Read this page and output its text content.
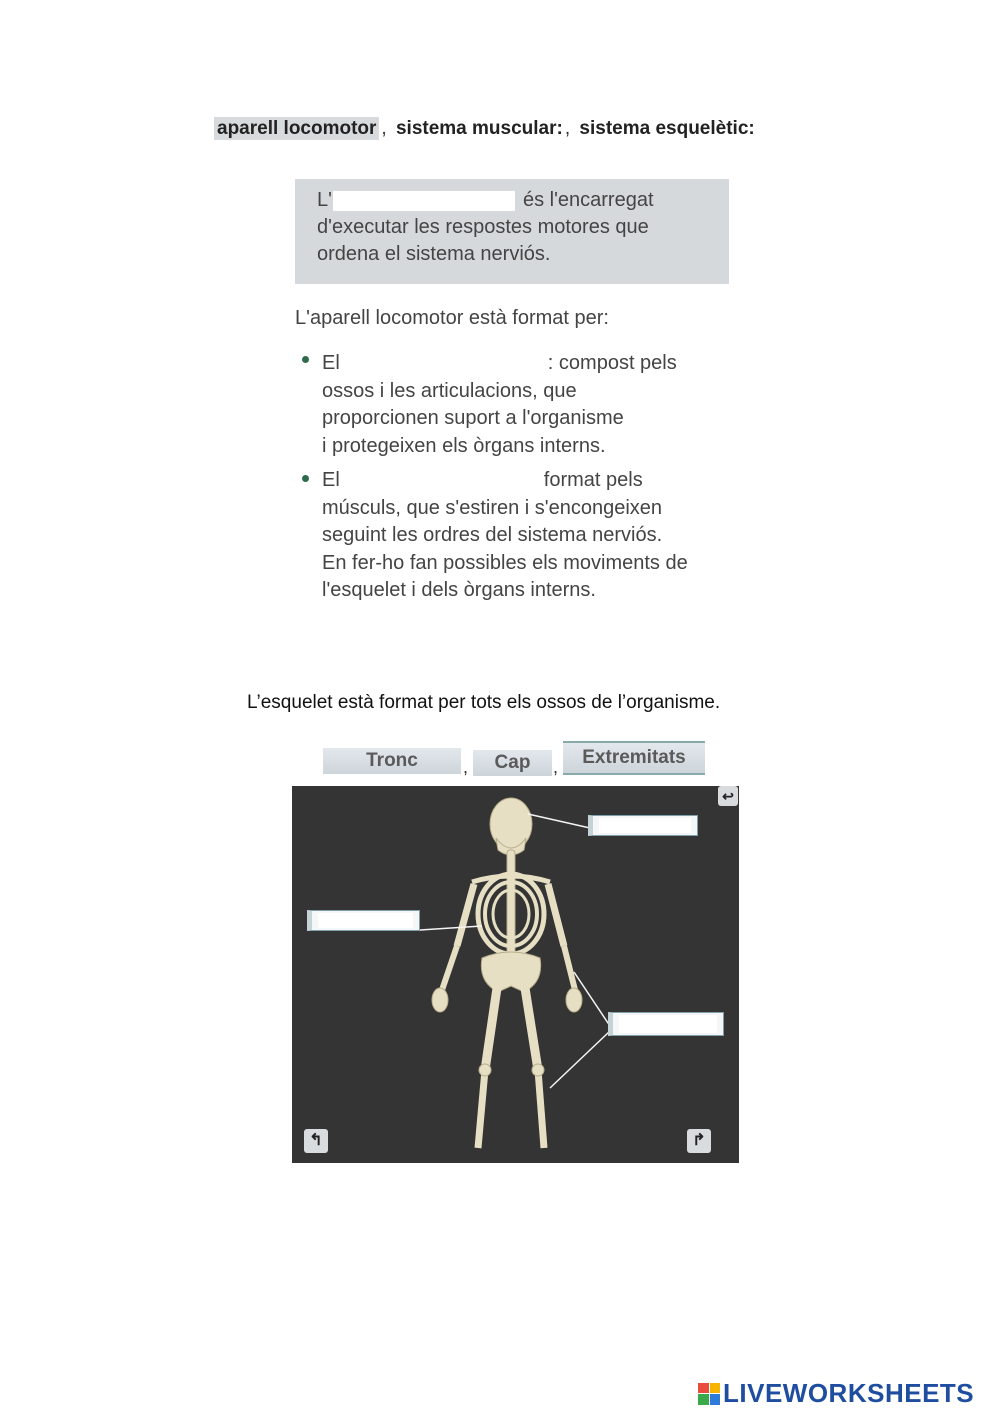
aparell locomotor , sistema muscular: , sistema esquelètic:
L'	és l'encarregat
d'executar les respostes motores que
ordena el sistema nerviós.
L'aparell locomotor està format per:
El	: compost pels
ossos i les articulacions, que
proporcionen suport a l'organisme
i protegeixen els òrgans interns.
El	format pels
músculs, que s'estiren i s'encongeixen
seguint les ordres del sistema nerviós.
En fer-ho fan possibles els moviments de
l'esquelet i dels òrgans interns.
L’esquelet està format per tots els ossos de l’organisme.
Tronc	,	Cap	,	Extremitats
↩
↰	↱
LIVEWORKSHEETS
